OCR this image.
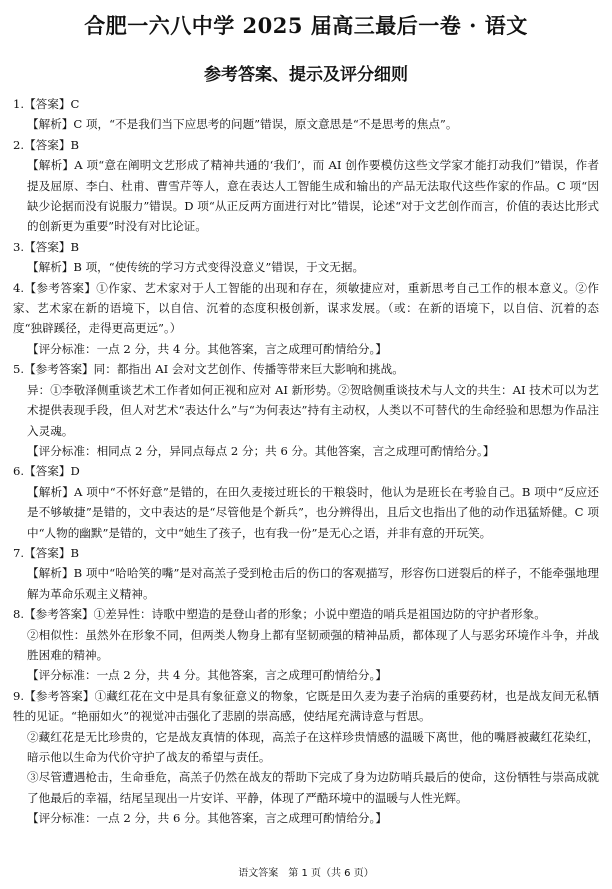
合肥一六八中学 2025 届高三最后一卷 · 语文
参考答案、提示及评分细则
1.【答案】C
【解析】C 项，“不是我们当下应思考的问题”错误，原文意思是“不是思考的焦点”。
2.【答案】B
【解析】A 项“意在阐明文艺形成了精神共通的‘我们’，而 AI 创作要模仿这些文学家才能打动我们”错误，作者提及屈原、李白、杜甫、曹雪芹等人，意在表达人工智能生成和输出的产品无法取代这些作家的作品。C 项“因缺少论据而没有说服力”错误。D 项“从正反两方面进行对比”错误，论述“对于文艺创作而言，价值的表达比形式的创新更为重要”时没有对比论证。
3.【答案】B
【解析】B 项，“使传统的学习方式变得没意义”错误，于文无据。
4.【参考答案】①作家、艺术家对于人工智能的出现和存在，须敏捷应对，重新思考自己工作的根本意义。②作家、艺术家在新的语境下，以自信、沉着的态度积极创新，谋求发展。（或：在新的语境下，以自信、沉着的态度“独辟蹊径，走得更高更远”。）
【评分标准：一点 2 分，共 4 分。其他答案，言之成理可酌情给分。】
5.【参考答案】同：都指出 AI 会对文艺创作、传播等带来巨大影响和挑战。
异：①李敬泽侧重谈艺术工作者如何正视和应对 AI 新形势。②贺晗侧重谈技术与人文的共生：AI 技术可以为艺术提供表现手段，但人对艺术“表达什么”与“为何表达”持有主动权，人类以不可替代的生命经验和思想为作品注入灵魂。
【评分标准：相同点 2 分，异同点每点 2 分；共 6 分。其他答案，言之成理可酌情给分。】
6.【答案】D
【解析】A 项中“不怀好意”是错的，在田久麦接过班长的干粮袋时，他认为是班长在考验自己。B 项中“反应还是不够敏捷”是错的，文中表达的是“尽管他是个新兵”，也分辨得出，且后文也指出了他的动作迅猛矫健。C 项中“人物的幽默”是错的，文中“她生了孩子，也有我一份”是无心之语，并非有意的开玩笑。
7.【答案】B
【解析】B 项中“哈哈笑的嘴”是对高羔子受到枪击后的伤口的客观描写，形容伤口迸裂后的样子，不能牵强地理解为革命乐观主义精神。
8.【参考答案】①差异性：诗歌中塑造的是登山者的形象；小说中塑造的哨兵是祖国边防的守护者形象。
②相似性：虽然外在形象不同，但两类人物身上都有坚韧顽强的精神品质，都体现了人与恶劣环境作斗争，并战胜困难的精神。
【评分标准：一点 2 分，共 4 分。其他答案，言之成理可酌情给分。】
9.【参考答案】①藏红花在文中是具有象征意义的物象，它既是田久麦为妻子治病的重要药材，也是战友间无私牺牲的见证。“艳丽如火”的视觉冲击强化了悲剧的崇高感，使结尾充满诗意与哲思。
②藏红花是无比珍贵的，它是战友真情的体现，高羔子在这样珍贵情感的温暖下离世，他的嘴唇被藏红花染红，暗示他以生命为代价守护了战友的希望与责任。
③尽管遭遇枪击，生命垂危，高羔子仍然在战友的帮助下完成了身为边防哨兵最后的使命，这份牺牲与崇高成就了他最后的幸福，结尾呈现出一片安详、平静，体现了严酷环境中的温暖与人性光辉。
【评分标准：一点 2 分，共 6 分。其他答案，言之成理可酌情给分。】
语文答案　第 1 页（共 6 页）
